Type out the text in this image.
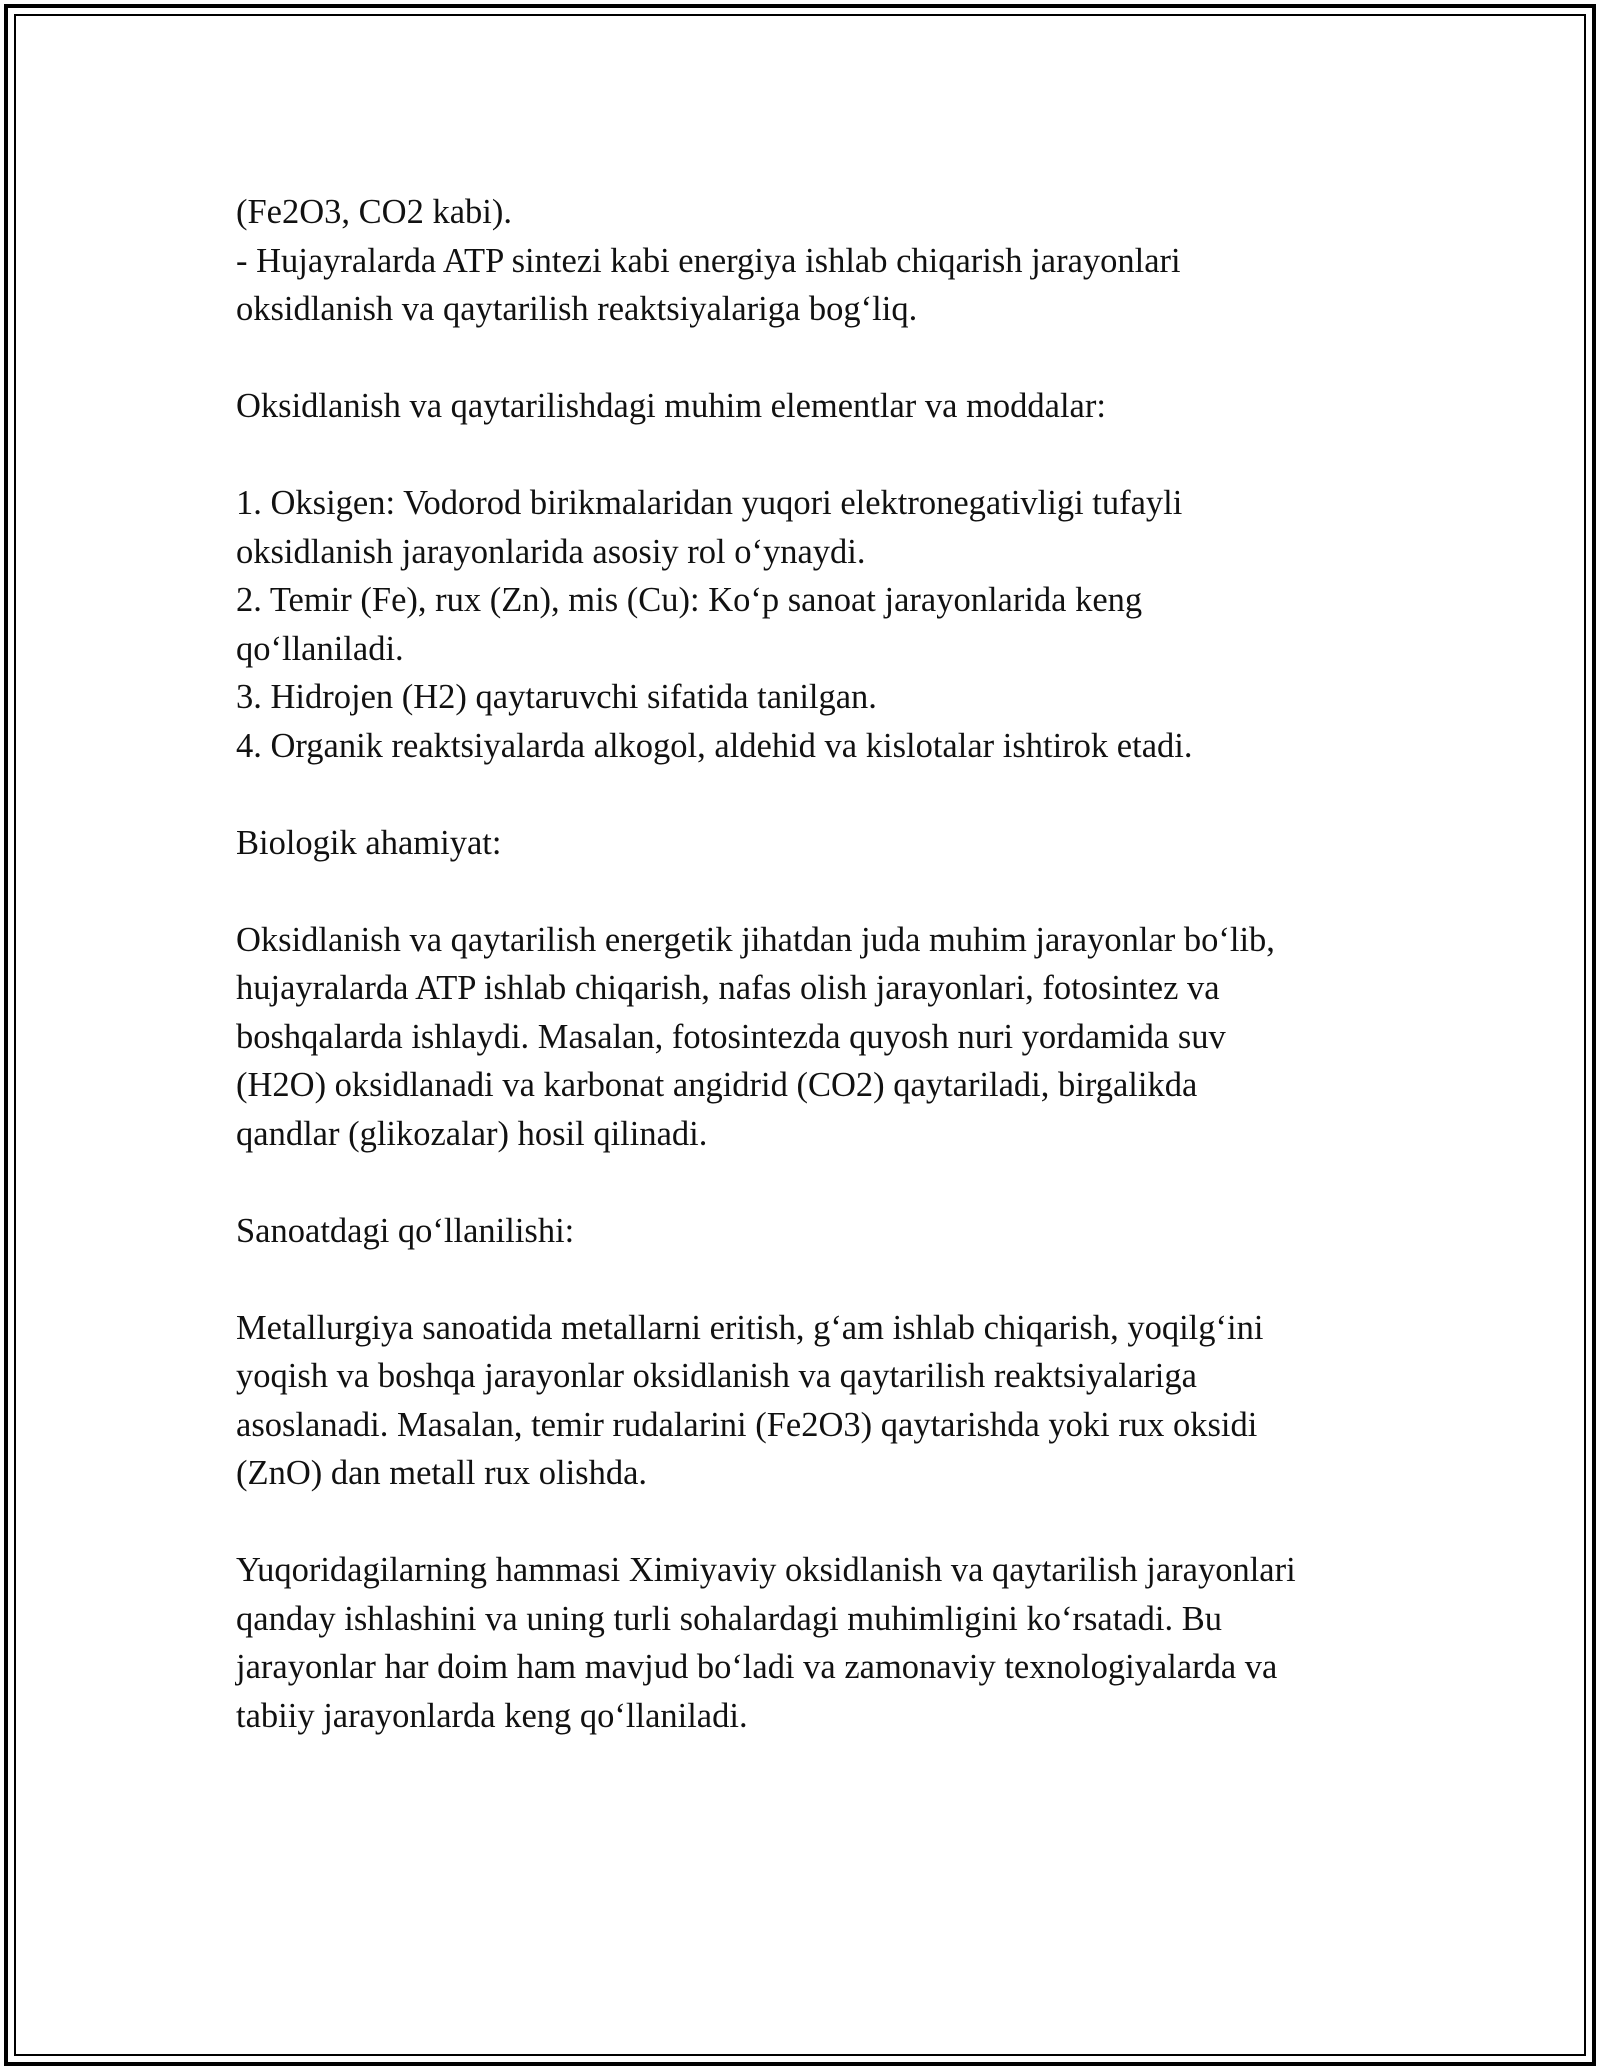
(Fe2O3, CO2 kabi).
- Hujayralarda ATP sintezi kabi energiya ishlab chiqarish jarayonlari
oksidlanish va qaytarilish reaktsiyalariga bog‘liq.
Oksidlanish va qaytarilishdagi muhim elementlar va moddalar:
1. Oksigen: Vodorod birikmalaridan yuqori elektronegativligi tufayli
oksidlanish jarayonlarida asosiy rol o‘ynaydi.
2. Temir (Fe), rux (Zn), mis (Cu): Ko‘p sanoat jarayonlarida keng
qo‘llaniladi.
3. Hidrojen (H2) qaytaruvchi sifatida tanilgan.
4. Organik reaktsiyalarda alkogol, aldehid va kislotalar ishtirok etadi.
Biologik ahamiyat:
Oksidlanish va qaytarilish energetik jihatdan juda muhim jarayonlar bo‘lib,
hujayralarda ATP ishlab chiqarish, nafas olish jarayonlari, fotosintez va
boshqalarda ishlaydi. Masalan, fotosintezda quyosh nuri yordamida suv
(H2O) oksidlanadi va karbonat angidrid (CO2) qaytariladi, birgalikda
qandlar (glikozalar) hosil qilinadi.
Sanoatdagi qo‘llanilishi:
Metallurgiya sanoatida metallarni eritish, g‘am ishlab chiqarish, yoqilg‘ini
yoqish va boshqa jarayonlar oksidlanish va qaytarilish reaktsiyalariga
asoslanadi. Masalan, temir rudalarini (Fe2O3) qaytarishda yoki rux oksidi
(ZnO) dan metall rux olishda.
Yuqoridagilarning hammasi Ximiyaviy oksidlanish va qaytarilish jarayonlari
qanday ishlashini va uning turli sohalardagi muhimligini ko‘rsatadi. Bu
jarayonlar har doim ham mavjud bo‘ladi va zamonaviy texnologiyalarda va
tabiiy jarayonlarda keng qo‘llaniladi.
